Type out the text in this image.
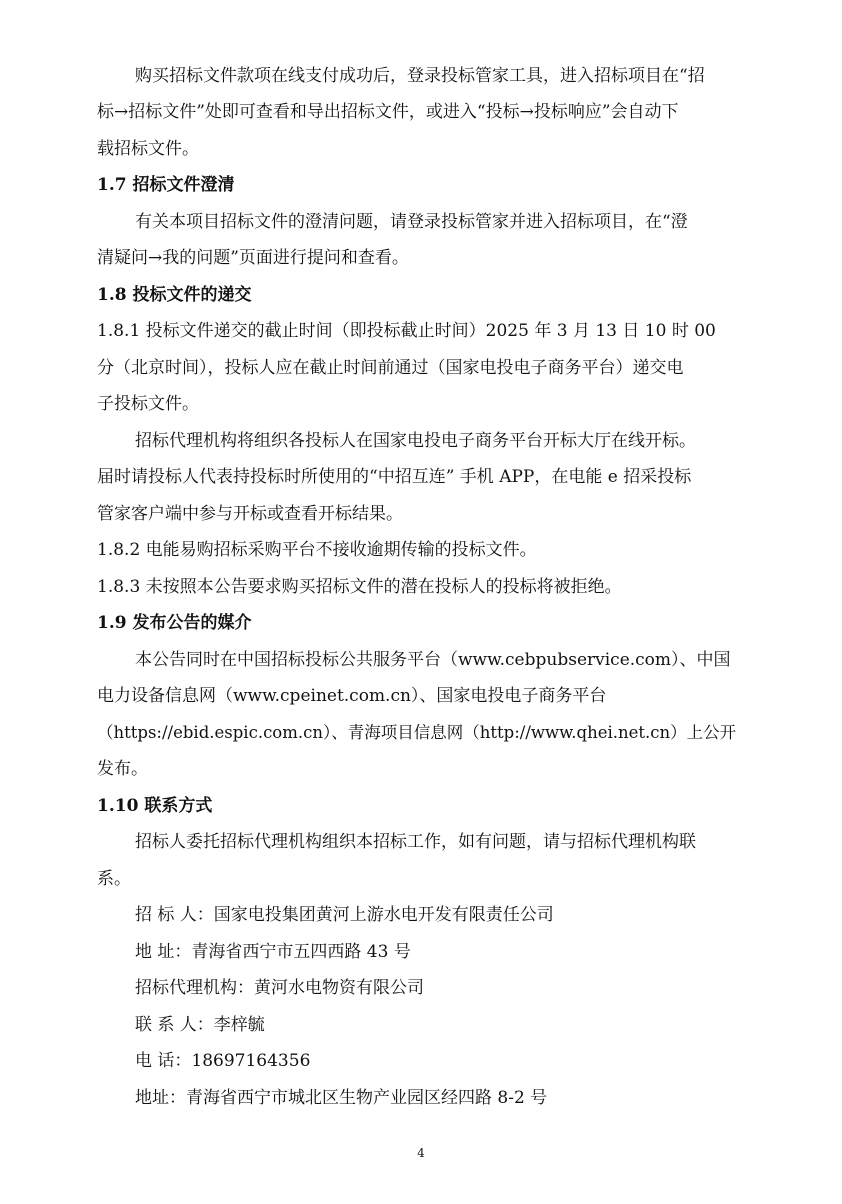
购买招标文件款项在线支付成功后，登录投标管家工具，进入招标项目在“招
标→招标文件”处即可查看和导出招标文件，或进入“投标→投标响应”会自动下
载招标文件。
1.7 招标文件澄清
有关本项目招标文件的澄清问题，请登录投标管家并进入招标项目，在“澄
清疑问→我的问题”页面进行提问和查看。
1.8 投标文件的递交
1.8.1 投标文件递交的截止时间（即投标截止时间）2025 年 3 月 13 日 10 时 00
分（北京时间），投标人应在截止时间前通过（国家电投电子商务平台）递交电
子投标文件。
招标代理机构将组织各投标人在国家电投电子商务平台开标大厅在线开标。
届时请投标人代表持投标时所使用的“中招互连” 手机 APP，在电能 e 招采投标
管家客户端中参与开标或查看开标结果。
1.8.2 电能易购招标采购平台不接收逾期传输的投标文件。
1.8.3 未按照本公告要求购买招标文件的潜在投标人的投标将被拒绝。
1.9 发布公告的媒介
本公告同时在中国招标投标公共服务平台（www.cebpubservice.com）、中国
电力设备信息网（www.cpeinet.com.cn）、国家电投电子商务平台
（https://ebid.espic.com.cn）、青海项目信息网（http://www.qhei.net.cn）上公开
发布。
1.10 联系方式
招标人委托招标代理机构组织本招标工作，如有问题，请与招标代理机构联
系。
招 标 人：国家电投集团黄河上游水电开发有限责任公司
地 址：青海省西宁市五四西路 43 号
招标代理机构：黄河水电物资有限公司
联 系 人：李梓毓
电 话：18697164356
地址：青海省西宁市城北区生物产业园区经四路 8-2 号
4
